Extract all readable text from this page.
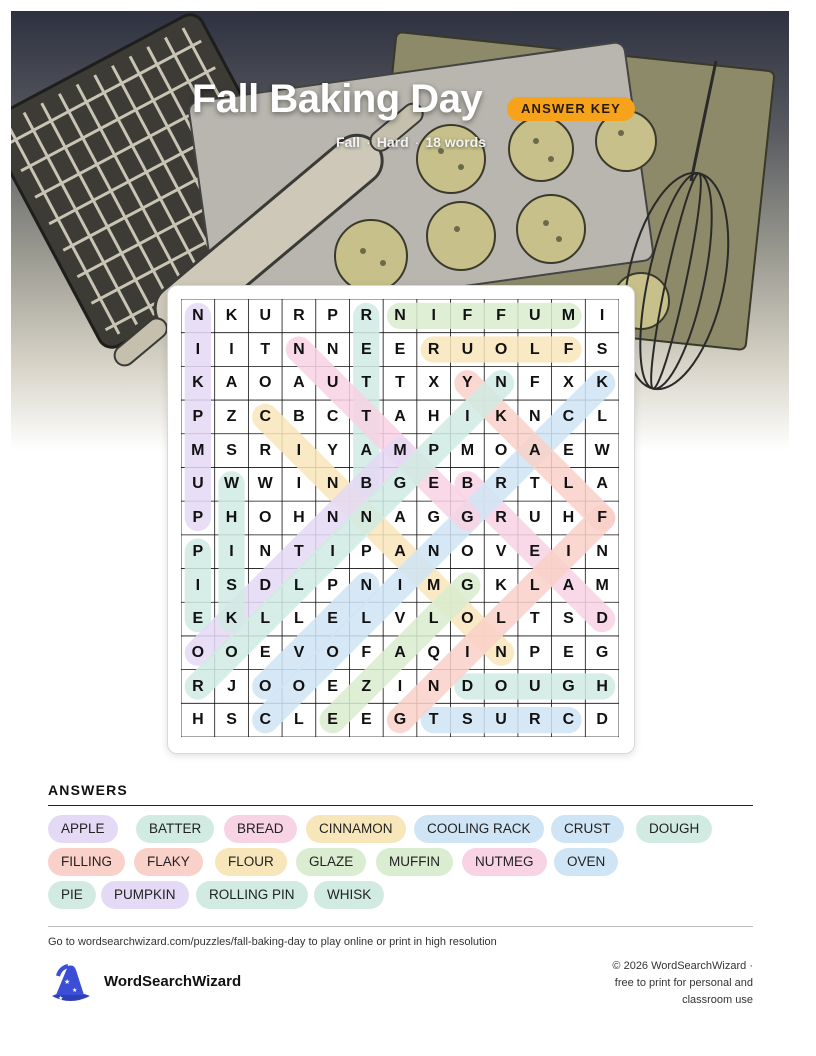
Fall Baking Day	ANSWER KEY
Fall · Hard · 18 words
N	K	U	R	P	R	N	I	F	F	U	M	I
I	I	T	N	N	E	E	R	U	O	L	F	S
K	A	O	A	U	T	T	X	Y	N	F	X	K
P	Z	C	B	C	T	A	H	I	K	N	C	L
M	S	R	I	Y	A	M	P	M	O	A	E	W
U	W	W	I	N	B	G	E	B	R	T	L	A
P	H	O	H	N	N	A	G	G	R	U	H	F
P	I	N	T	I	P	A	N	O	V	E	I	N
I	S	D	L	P	N	I	M	G	K	L	A	M
E	K	L	L	E	L	V	L	O	L	T	S	D
O	O	E	V	O	F	A	Q	I	N	P	E	G
R	J	O	O	E	Z	I	N	D	O	U	G	H
H	S	C	L	E	E	G	T	S	U	R	C	D
ANSWERS
APPLE	BATTER	BREAD	CINNAMON	COOLING RACK	CRUST	DOUGH
FILLING	FLAKY	FLOUR	GLAZE	MUFFIN	NUTMEG	OVEN
PIE	PUMPKIN	ROLLING PIN	WHISK
Go to wordsearchwizard.com/puzzles/fall-baking-day to play online or print in high resolution
★
★
★
WordSearchWizard
© 2026 WordSearchWizard ·
free to print for personal and
classroom use
